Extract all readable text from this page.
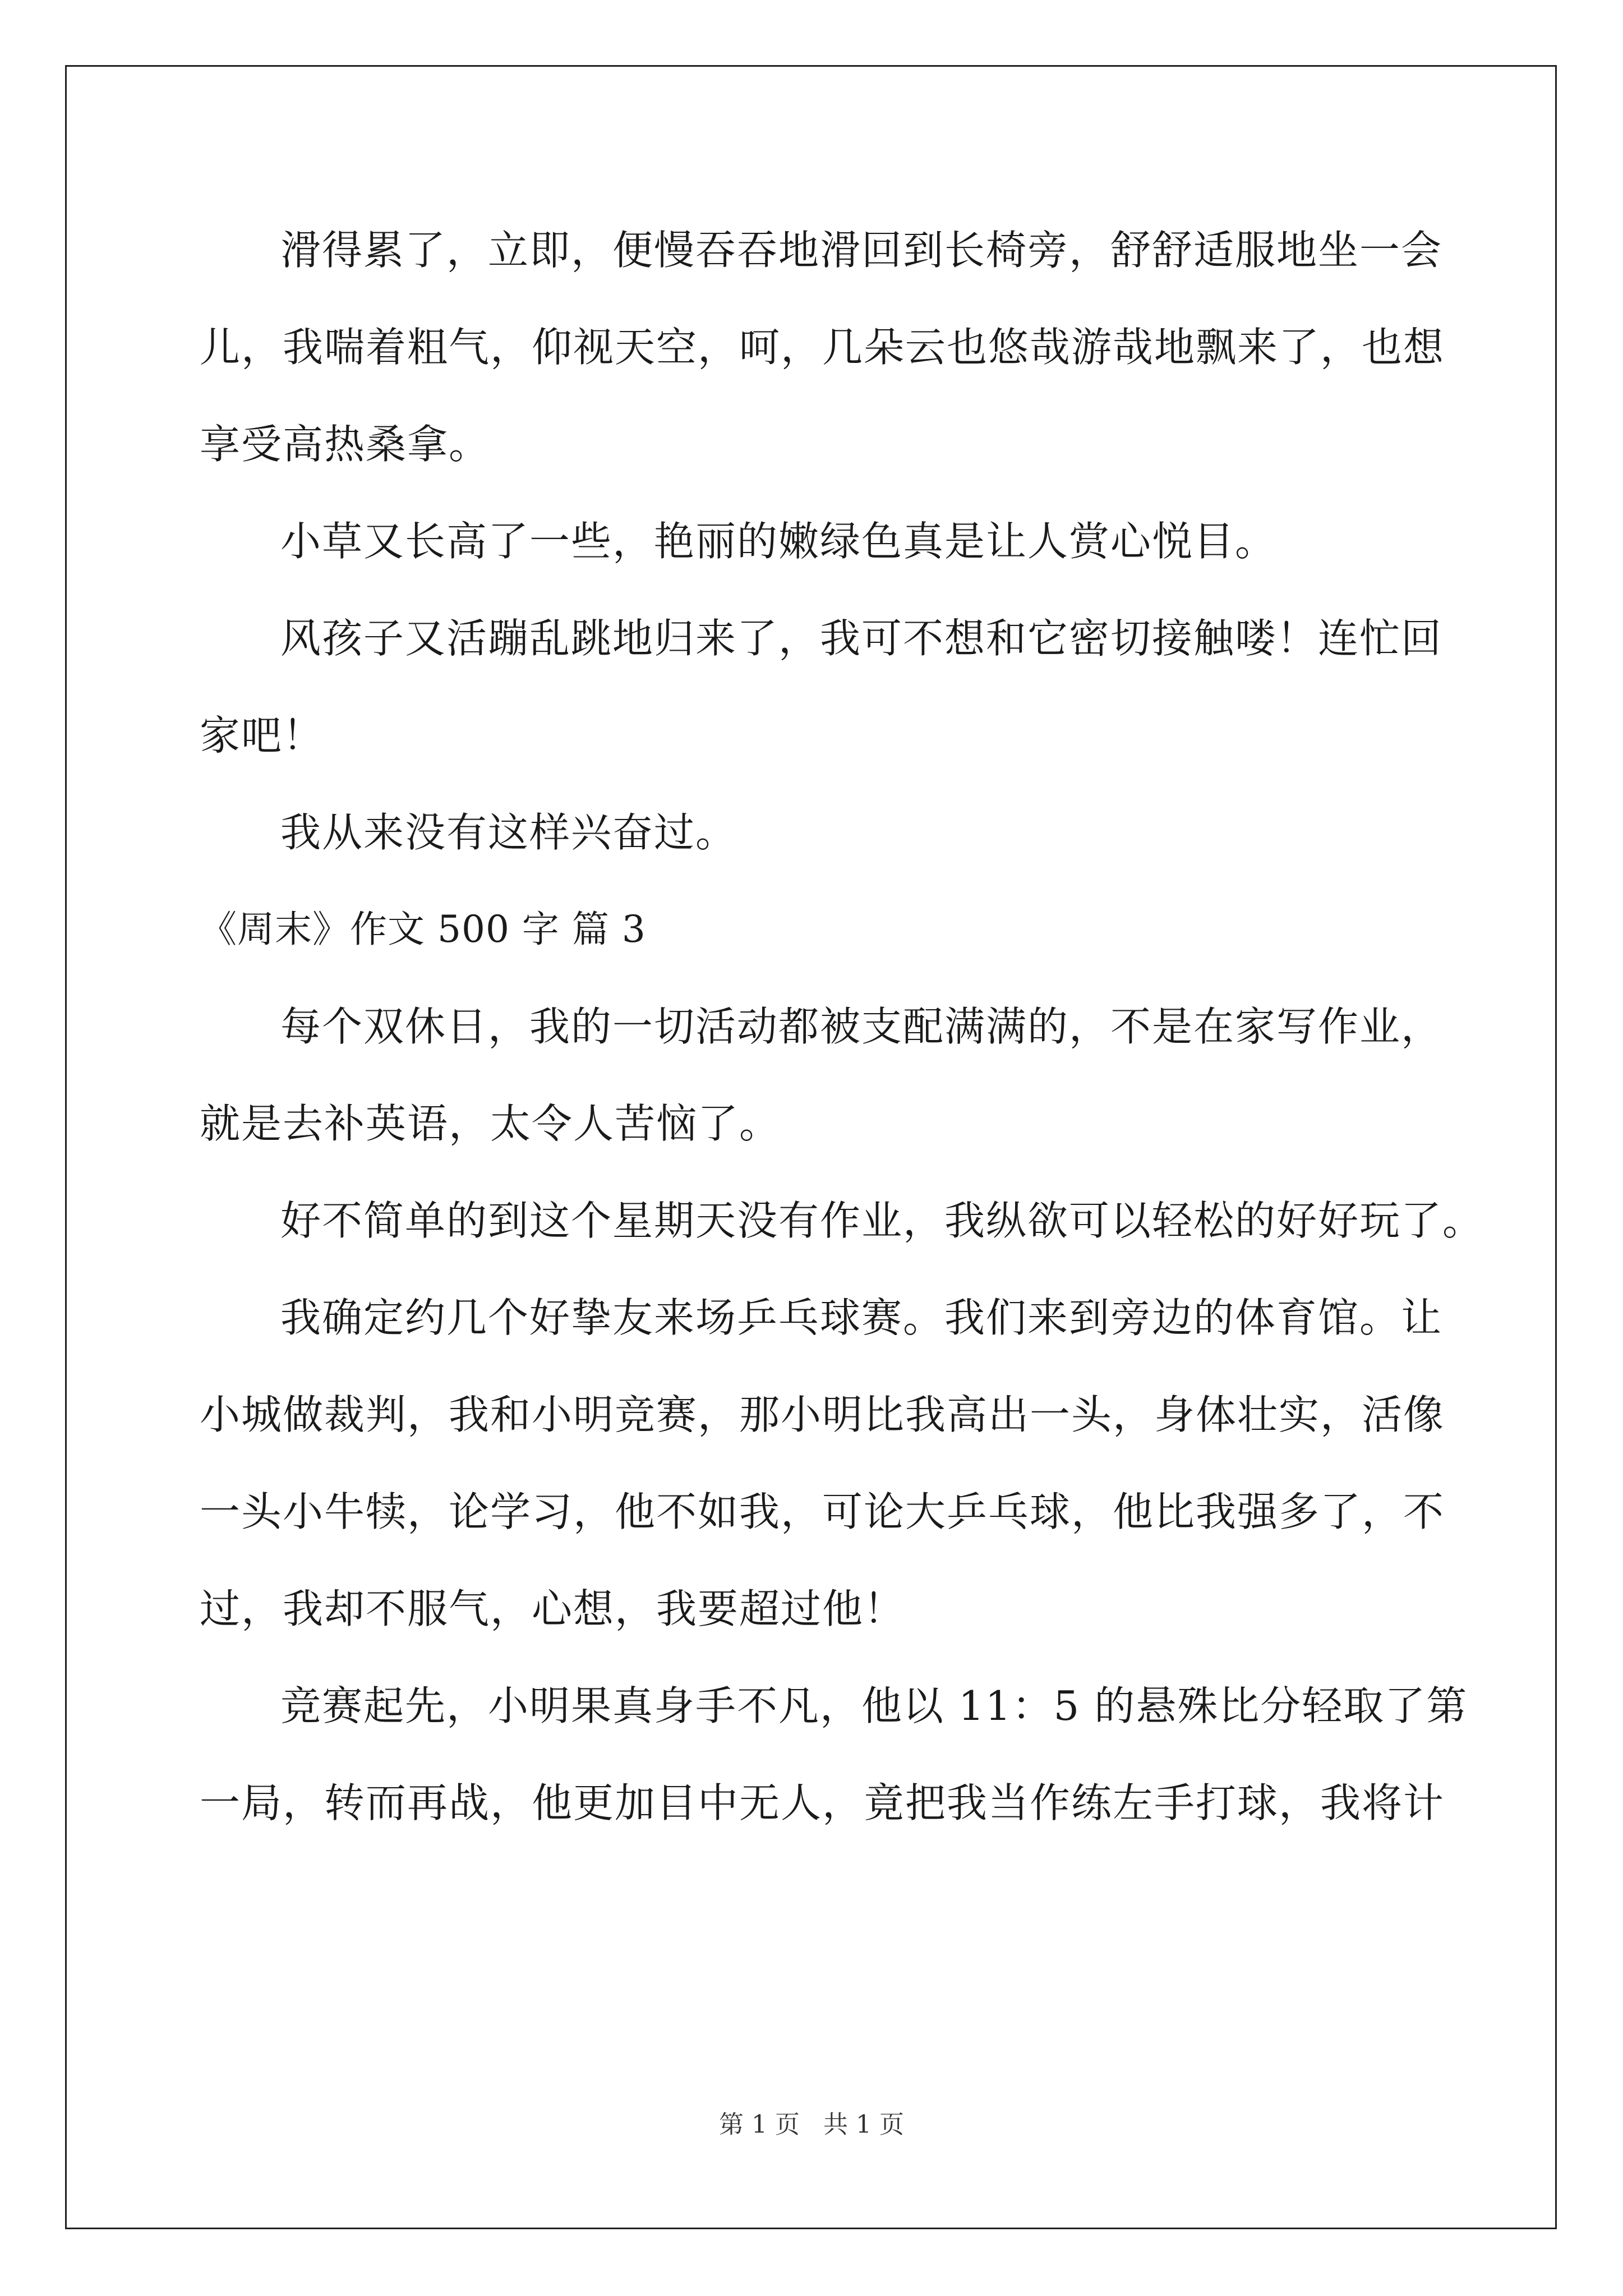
滑得累了，立即，便慢吞吞地滑回到长椅旁，舒舒适服地坐一会
儿，我喘着粗气，仰视天空，呵，几朵云也悠哉游哉地飘来了，也想
享受高热桑拿。
小草又长高了一些，艳丽的嫩绿色真是让人赏心悦目。
风孩子又活蹦乱跳地归来了，我可不想和它密切接触喽！连忙回
家吧！
我从来没有这样兴奋过。
《周末》作文 500 字 篇 3
每个双休日，我的一切活动都被支配满满的，不是在家写作业，
就是去补英语，太令人苦恼了。
好不简单的到这个星期天没有作业，我纵欲可以轻松的好好玩了。
我确定约几个好挚友来场乒乓球赛。我们来到旁边的体育馆。让
小城做裁判，我和小明竞赛，那小明比我高出一头，身体壮实，活像
一头小牛犊，论学习，他不如我，可论大乒乓球，他比我强多了，不
过，我却不服气，心想，我要超过他！
竞赛起先，小明果真身手不凡，他以 11：5 的悬殊比分轻取了第
一局，转而再战，他更加目中无人，竟把我当作练左手打球，我将计
第 1 页 共 1 页
